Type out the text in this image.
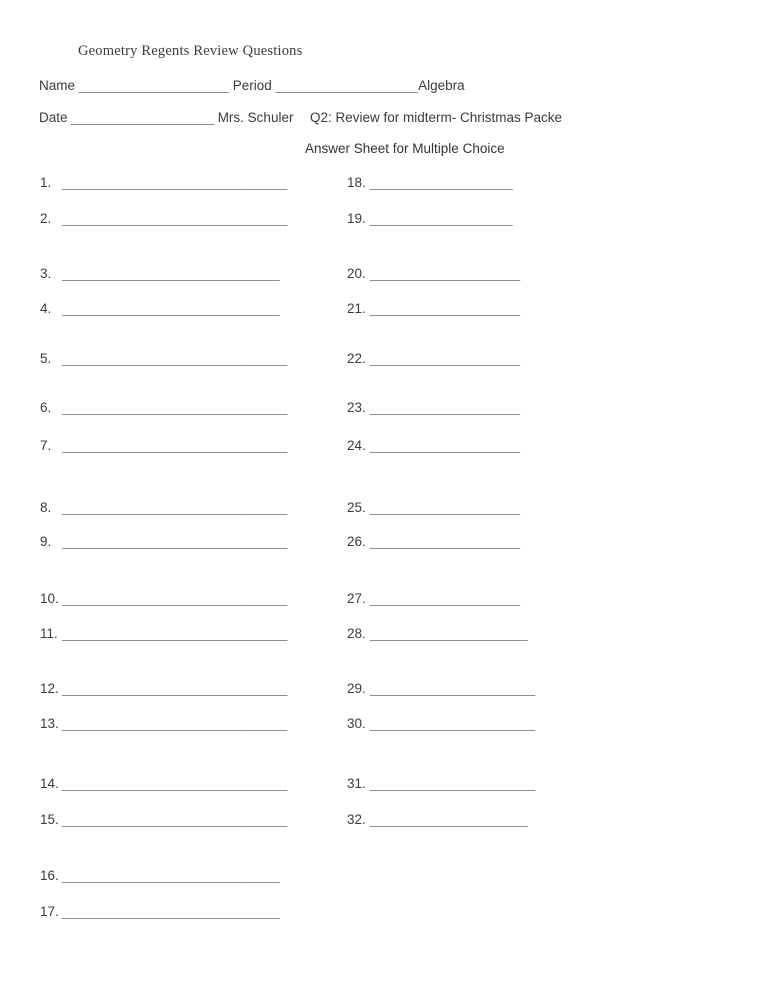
Geometry Regents Review Questions
Name ____________________ Period ___________________Algebra
Date ___________________ Mrs. Schuler Q2: Review for midterm- Christmas Packe
Answer Sheet for Multiple Choice
1. ______________________________
2. ______________________________
3. _____________________________
4. _____________________________
5. ______________________________
6. ______________________________
7. ______________________________
8. ______________________________
9. ______________________________
10. ______________________________
11. ______________________________
12. ______________________________
13. ______________________________
14. ______________________________
15. ______________________________
16. _____________________________
17. _____________________________
18. ___________________
19. ___________________
20. ____________________
21. ____________________
22. ____________________
23. ____________________
24. ____________________
25. ____________________
26. ____________________
27. ____________________
28. _____________________
29. ______________________
30. ______________________
31. ______________________
32. _____________________
